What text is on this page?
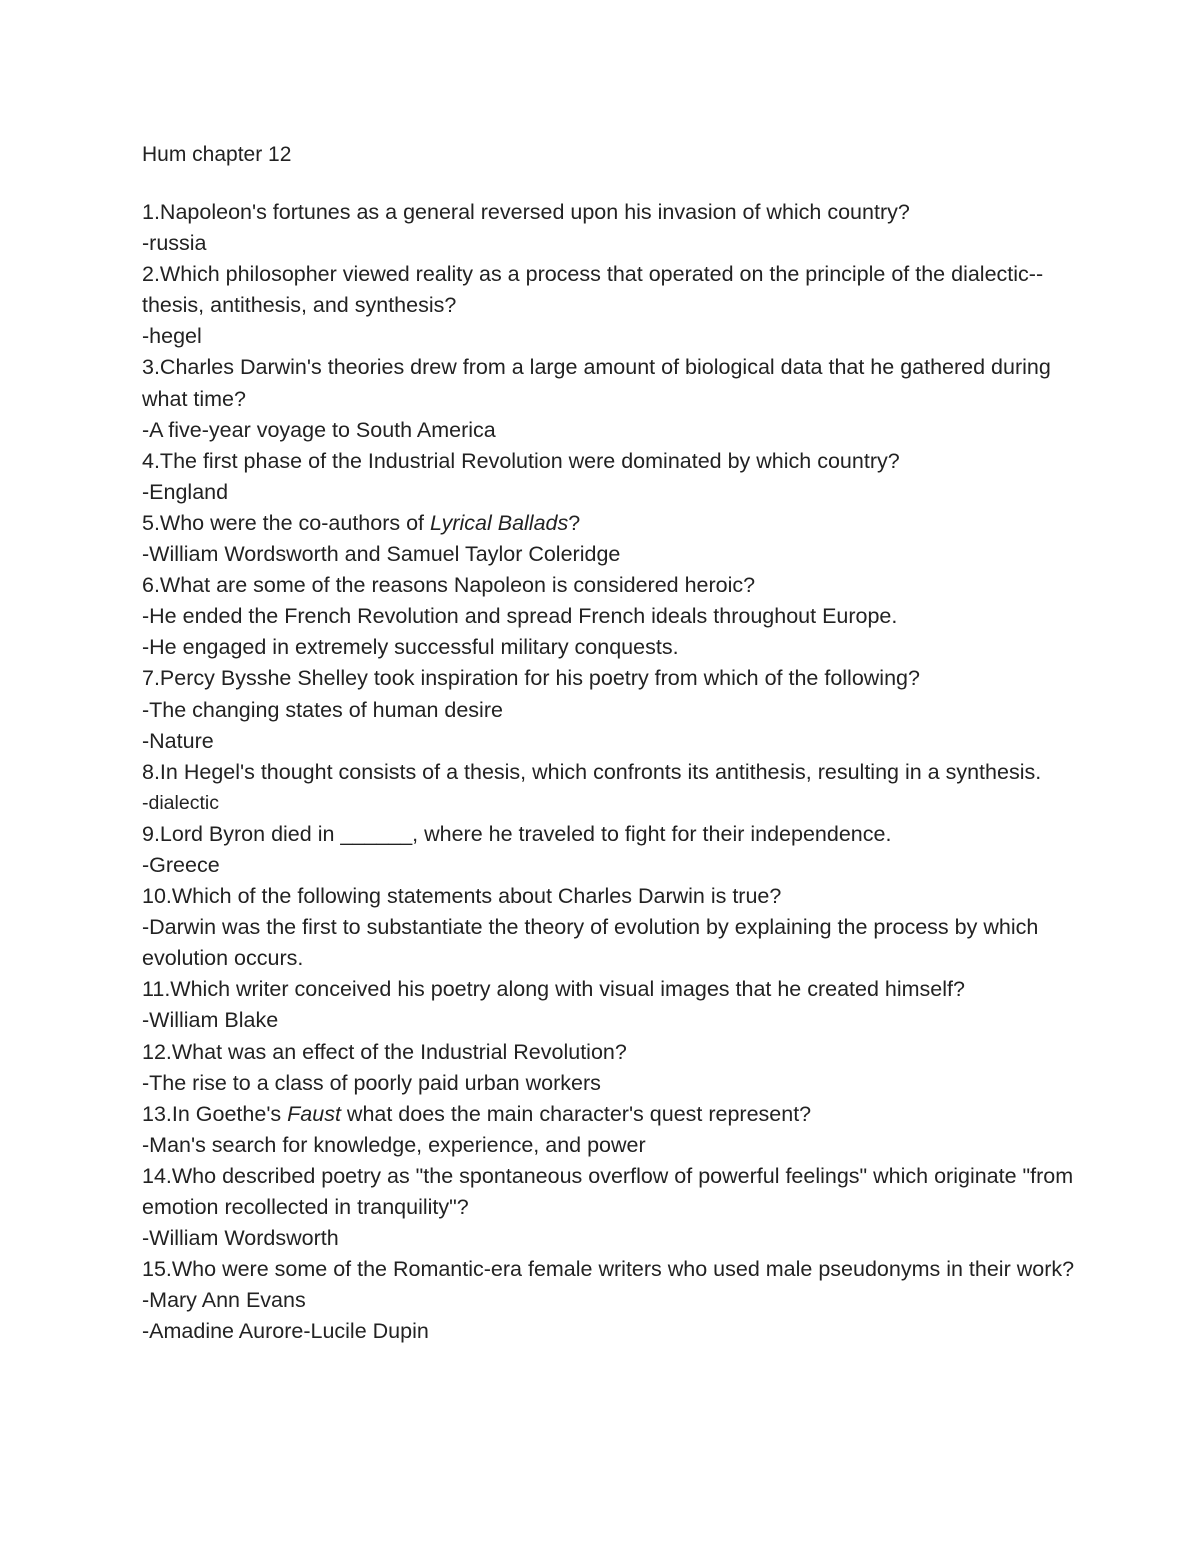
Hum chapter 12
1.Napoleon's fortunes as a general reversed upon his invasion of which country?
-russia
2.Which philosopher viewed reality as a process that operated on the principle of the dialectic--thesis, antithesis, and synthesis?
-hegel
3.Charles Darwin's theories drew from a large amount of biological data that he gathered during what time?
-A five-year voyage to South America
4.The first phase of the Industrial Revolution were dominated by which country?
-England
5.Who were the co-authors of Lyrical Ballads?
-William Wordsworth and Samuel Taylor Coleridge
6.What are some of the reasons Napoleon is considered heroic?
-He ended the French Revolution and spread French ideals throughout Europe.
-He engaged in extremely successful military conquests.
7.Percy Bysshe Shelley took inspiration for his poetry from which of the following?
-The changing states of human desire
-Nature
8.In Hegel's thought consists of a thesis, which confronts its antithesis, resulting in a synthesis.
-dialectic
9.Lord Byron died in ______, where he traveled to fight for their independence.
-Greece
10.Which of the following statements about Charles Darwin is true?
-Darwin was the first to substantiate the theory of evolution by explaining the process by which evolution occurs.
11.Which writer conceived his poetry along with visual images that he created himself?
-William Blake
12.What was an effect of the Industrial Revolution?
-The rise to a class of poorly paid urban workers
13.In Goethe's Faust what does the main character's quest represent?
-Man's search for knowledge, experience, and power
14.Who described poetry as "the spontaneous overflow of powerful feelings" which originate "from emotion recollected in tranquility"?
-William Wordsworth
15.Who were some of the Romantic-era female writers who used male pseudonyms in their work?
-Mary Ann Evans
-Amadine Aurore-Lucile Dupin
